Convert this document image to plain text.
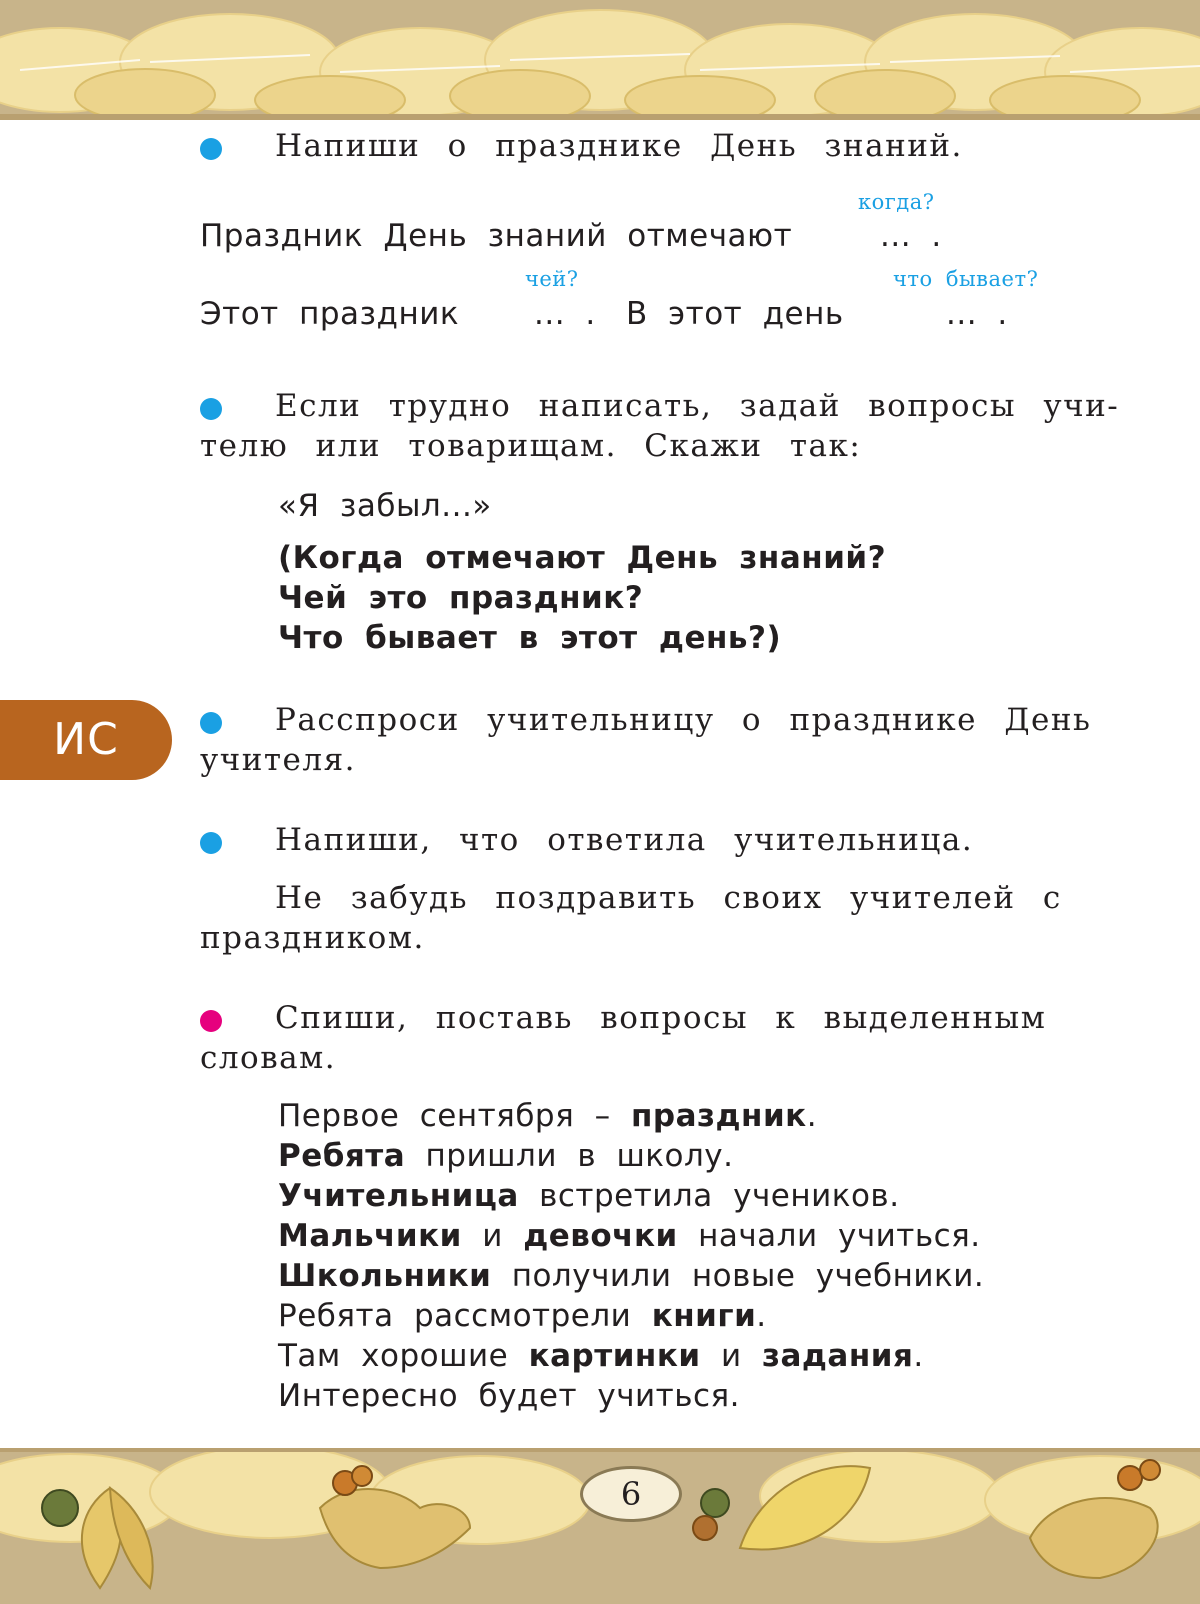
Напиши о празднике День знаний.
когда?
Праздник День знаний отмечают	... .
чей?	что бывает?
Этот праздник ... . В этот день	... .
Если трудно написать, задай вопросы учи-
телю или товарищам. Скажи так:
«Я забыл...»
(Когда отмечают День знаний?
Чей это праздник?
Что бывает в этот день?)
ИС	Расспроси учительницу о празднике День
учителя.
Напиши, что ответила учительница.
Не забудь поздравить своих учителей с
праздником.
Спиши, поставь вопросы к выделенным
словам.
Первое сентября – праздник.
Ребята пришли в школу.
Учительница встретила учеников.
Мальчики и девочки начали учиться.
Школьники получили новые учебники.
Ребята рассмотрели книги.
Там хорошие картинки и задания.
Интересно будет учиться.
6
